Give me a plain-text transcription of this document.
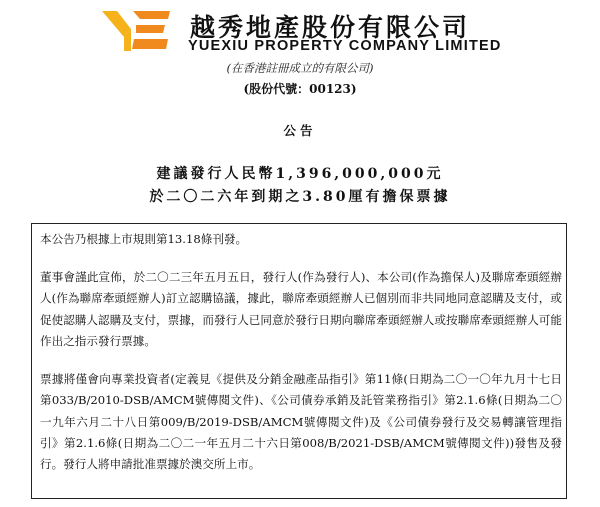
越秀地產股份有限公司
YUEXIU PROPERTY COMPANY LIMITED
(在香港註冊成立的有限公司)
(股份代號：00123)
公告
建議發行人民幣1,396,000,000元
於二〇二六年到期之3.80厘有擔保票據

本公告乃根據上市規則第13.18條刊發。

董事會謹此宣佈，於二〇二三年五月五日，發行人(作為發行人)、本公司(作為擔保人)及聯席牽頭經辦人(作為聯席牽頭經辦人)訂立認購協議，據此，聯席牽頭經辦人已個別而非共同地同意認購及支付，或促使認購人認購及支付，票據，而發行人已同意於發行日期向聯席牽頭經辦人或按聯席牽頭經辦人可能作出之指示發行票據。

票據將僅會向專業投資者(定義見《提供及分銷金融產品指引》第11條(日期為二〇一〇年九月十七日第033/B/2010-DSB/AMCM號傳閱文件)、《公司債券承銷及託管業務指引》第2.1.6條(日期為二〇一九年六月二十八日第009/B/2019-DSB/AMCM號傳閱文件)及《公司債券發行及交易轉讓管理指引》第2.1.6條(日期為二〇二一年五月二十六日第008/B/2021-DSB/AMCM號傳閱文件))發售及發行。發行人將申請批准票據於澳交所上市。
